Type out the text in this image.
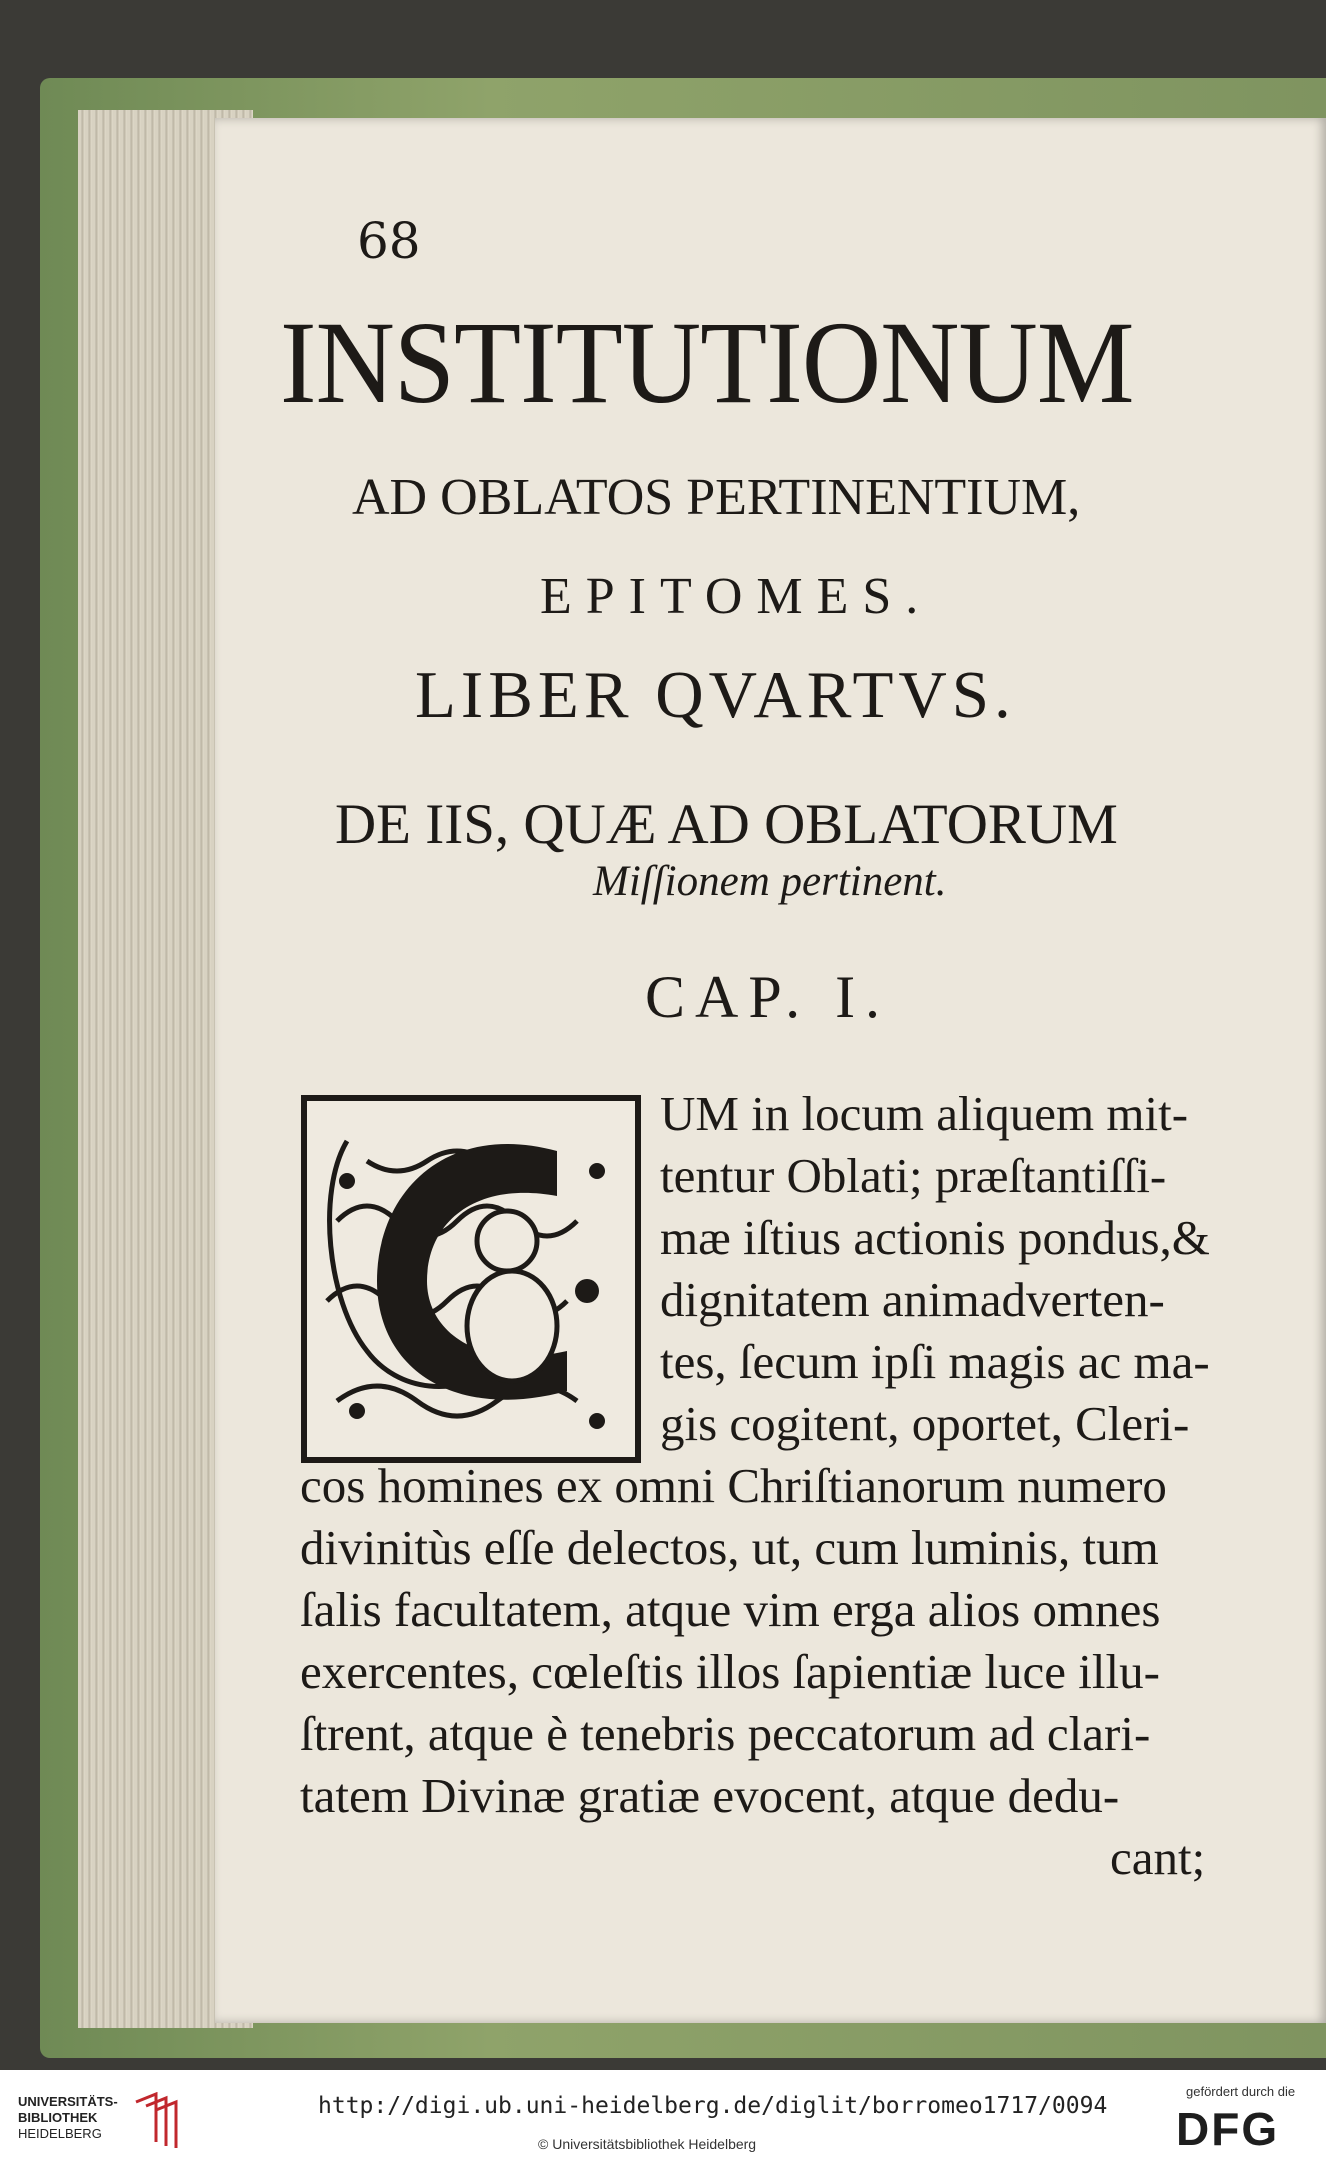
68
INSTITUTIONUM
AD OBLATOS PERTINENTIUM,
EPITOMES.
LIBER QVARTVS.
DE IIS, QUÆ AD OBLATORUM
Miſſionem pertinent.
CAP. I.
UM in locum aliquem mit-
tentur Oblati; præſtantiſſi-
mæ iſtius actionis pondus,&
dignitatem animadverten-
tes, ſecum ipſi magis ac ma-
gis cogitent, oportet, Cleri-
cos homines ex omni Chriſtianorum numero
divinitùs eſſe delectos, ut, cum luminis, tum
ſalis facultatem, atque vim erga alios omnes
exercentes, cœleſtis illos ſapientiæ luce illu-
ſtrent, atque è tenebris peccatorum ad clari-
tatem Divinæ gratiæ evocent, atque dedu-
cant;
UNIVERSITÄTS-
BIBLIOTHEK
HEIDELBERG
http://digi.ub.uni-heidelberg.de/diglit/borromeo1717/0094
© Universitätsbibliothek Heidelberg
gefördert durch die
DFG
